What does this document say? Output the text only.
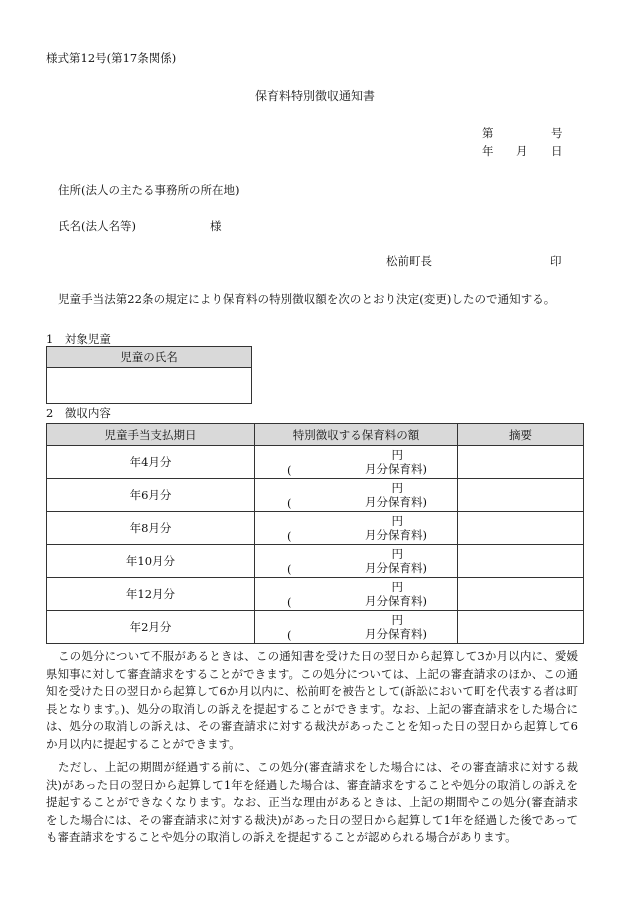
様式第12号(第17条関係)
保育料特別徴収通知書
第	号
年 月 日
住所(法人の主たる事務所の所在地)
氏名(法人名等)	様
松前町長	印
児童手当法第22条の規定により保育料の特別徴収額を次のとおり決定(変更)したので通知する。
1　対象児童
児童の氏名

2　徴収内容
児童手当支払期日	特別徴収する保育料の額	摘要
年4月分	円
( 月分保育料)	

年6月分	円
( 月分保育料)	

年8月分	円
( 月分保育料)	

年10月分	円
( 月分保育料)	

年12月分	円
( 月分保育料)	

年2月分	円
( 月分保育料)	

この処分について不服があるときは、この通知書を受けた日の翌日から起算して3か月以内に、愛媛県知事に対して審査請求をすることができます。この処分については、上記の審査請求のほか、この通知を受けた日の翌日から起算して6か月以内に、松前町を被告として(訴訟において町を代表する者は町長となります。)、処分の取消しの訴えを提起することができます。なお、上記の審査請求をした場合には、処分の取消しの訴えは、その審査請求に対する裁決があったことを知った日の翌日から起算して6か月以内に提起することができます。

ただし、上記の期間が経過する前に、この処分(審査請求をした場合には、その審査請求に対する裁決)があった日の翌日から起算して1年を経過した場合は、審査請求をすることや処分の取消しの訴えを提起することができなくなります。なお、正当な理由があるときは、上記の期間やこの処分(審査請求をした場合には、その審査請求に対する裁決)があった日の翌日から起算して1年を経過した後であっても審査請求をすることや処分の取消しの訴えを提起することが認められる場合があります。
